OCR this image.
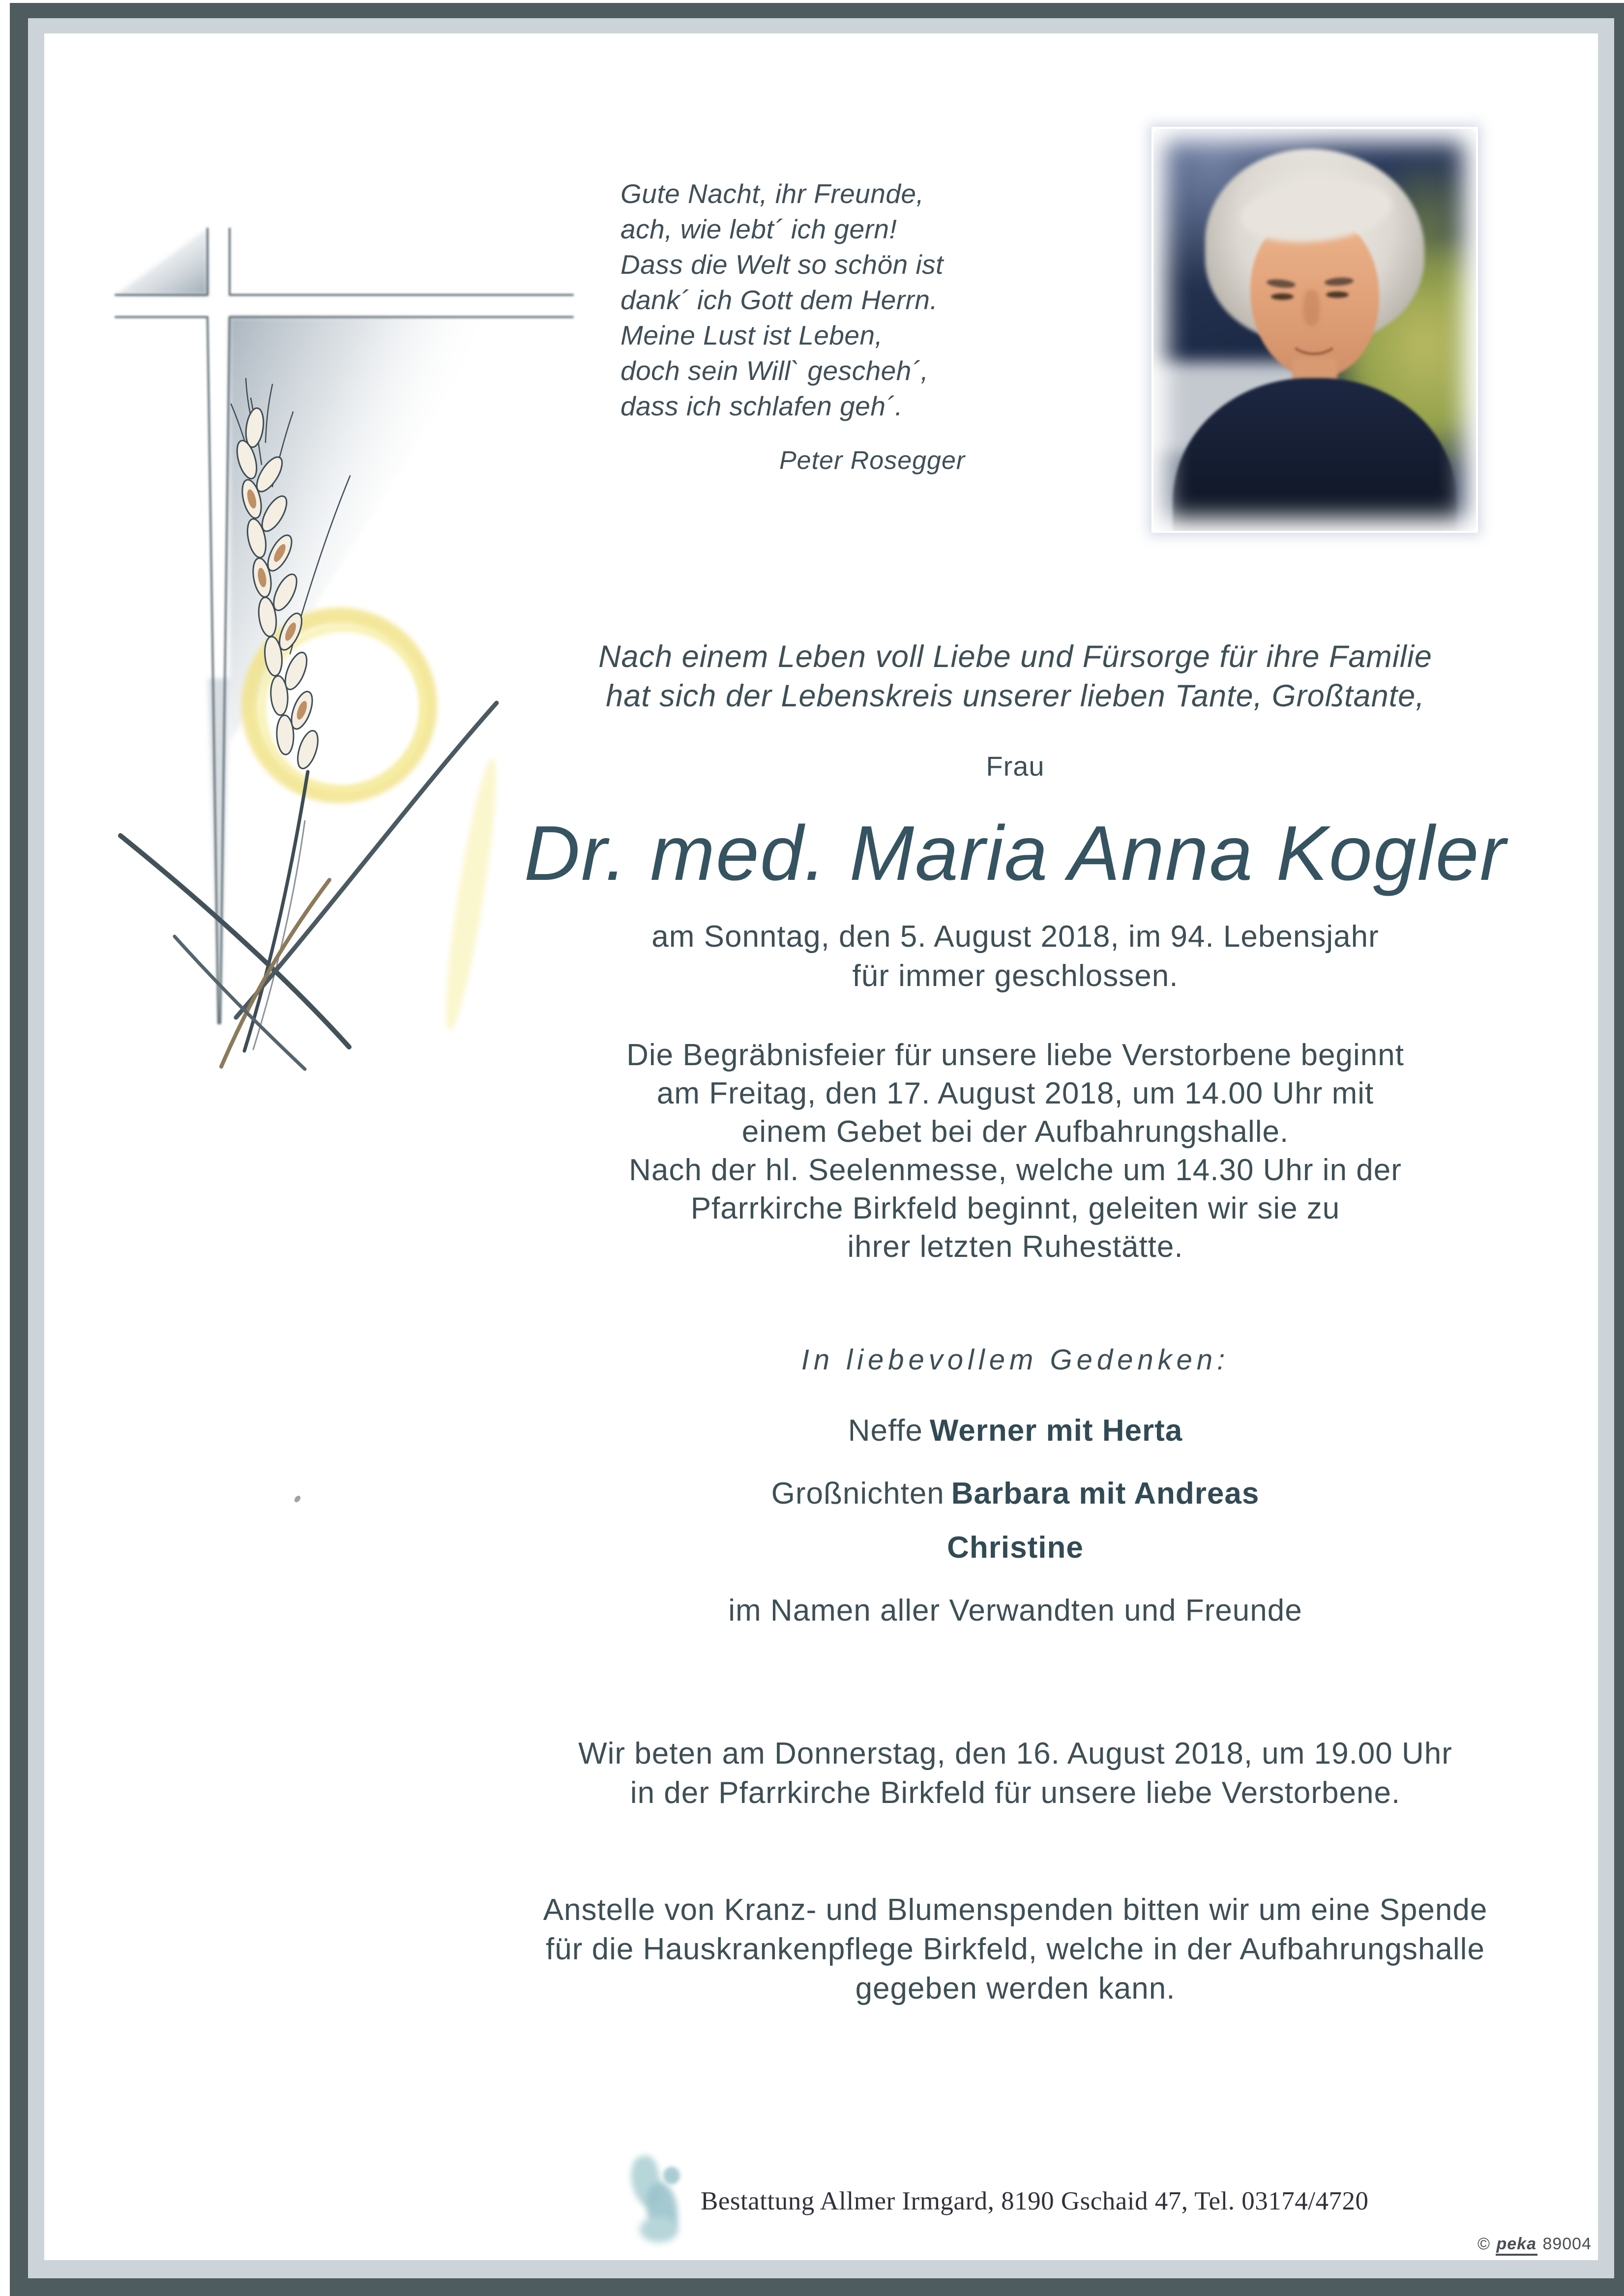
Gute Nacht, ihr Freunde,
ach, wie lebt´ ich gern!
Dass die Welt so schön ist
dank´ ich Gott dem Herrn.
Meine Lust ist Leben,
doch sein Will` gescheh´,
dass ich schlafen geh´.
Peter Rosegger
Nach einem Leben voll Liebe und Fürsorge für ihre Familie
hat sich der Lebenskreis unserer lieben Tante, Großtante,
Frau
Dr. med. Maria Anna Kogler
am Sonntag, den 5. August 2018, im 94. Lebensjahr
für immer geschlossen.
Die Begräbnisfeier für unsere liebe Verstorbene beginnt
am Freitag, den 17. August 2018, um 14.00 Uhr mit
einem Gebet bei der Aufbahrungshalle.
Nach der hl. Seelenmesse, welche um 14.30 Uhr in der
Pfarrkirche Birkfeld beginnt, geleiten wir sie zu
ihrer letzten Ruhestätte.
In liebevollem Gedenken:
Neffe Werner mit Herta
Großnichten Barbara mit Andreas
Christine
im Namen aller Verwandten und Freunde
Wir beten am Donnerstag, den 16. August 2018, um 19.00 Uhr
in der Pfarrkirche Birkfeld für unsere liebe Verstorbene.
Anstelle von Kranz- und Blumenspenden bitten wir um eine Spende
für die Hauskrankenpflege Birkfeld, welche in der Aufbahrungshalle
gegeben werden kann.
Bestattung Allmer Irmgard, 8190 Gschaid 47, Tel. 03174/4720
© peka 89004
